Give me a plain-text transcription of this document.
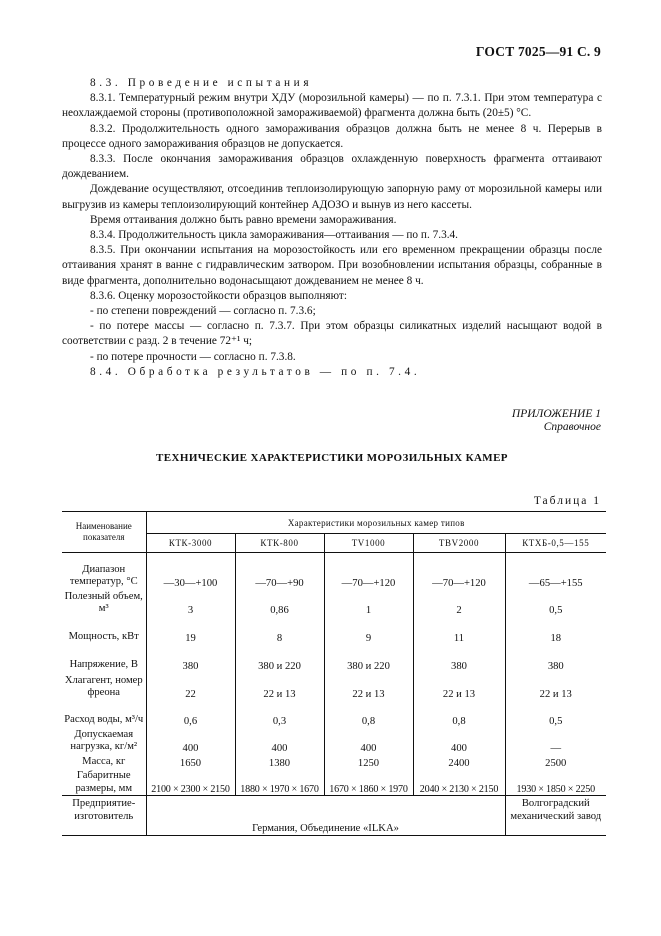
ГОСТ 7025—91 С. 9

8.3. Проведение испытания

8.3.1. Температурный режим внутри ХДУ (морозильной камеры) — по п. 7.3.1. При этом температура с неохлаждаемой стороны (противоположной замораживаемой) фрагмента должна быть (20±5) °С.

8.3.2. Продолжительность одного замораживания образцов должна быть не менее 8 ч. Перерыв в процессе одного замораживания образцов не допускается.

8.3.3. После окончания замораживания образцов охлажденную поверхность фрагмента оттаивают дождеванием.

Дождевание осуществляют, отсоединив теплоизолирующую запорную раму от морозильной камеры или выгрузив из камеры теплоизолирующий контейнер АДОЗО и вынув из него кассеты.

Время оттаивания должно быть равно времени замораживания.

8.3.4. Продолжительность цикла замораживания—оттаивания — по п. 7.3.4.

8.3.5. При окончании испытания на морозостойкость или его временном прекращении образцы после оттаивания хранят в ванне с гидравлическим затвором. При возобновлении испытания образцы, собранные в виде фрагмента, дополнительно водонасыщают дождеванием не менее 8 ч.

8.3.6. Оценку морозостойкости образцов выполняют:

- по степени повреждений — согласно п. 7.3.6;

- по потере массы — согласно п. 7.3.7. При этом образцы силикатных изделий насыщают водой в соответствии с разд. 2 в течение 72⁺¹ ч;

- по потере прочности — согласно п. 7.3.8.

8.4. Обработка результатов — по п. 7.4.

ПРИЛОЖЕНИЕ 1
Справочное
ТЕХНИЧЕСКИЕ ХАРАКТЕРИСТИКИ МОРОЗИЛЬНЫХ КАМЕР
Таблица 1
Наименование показателя	Характеристики морозильных камер типов				
	КТК-3000	КТК-800	TV1000	TBV2000	КТХБ-0,5—155
Диапазон температур, °С	—30—+100	—70—+90	—70—+120	—70—+120	—65—+155
Полезный объем, м³	3	0,86	1	2	0,5
Мощность, кВт	19	8	9	11	18
Напряжение, В	380	380 и 220	380 и 220	380	380
Хлагагент, номер фреона	22	22 и 13	22 и 13	22 и 13	22 и 13
Расход воды, м³/ч	0,6	0,3	0,8	0,8	0,5
Допускаемая нагрузка, кг/м²	400	400	400	400	—
Масса, кг	1650	1380	1250	2400	2500
Габаритные размеры, мм	2100 × 2300 × 2150	1880 × 1970 × 1670	1670 × 1860 × 1970	2040 × 2130 × 2150	1930 × 1850 × 2250
Предприятие-изготовитель	Германия, Объединение «ILKA»				Волгоградский механический завод
